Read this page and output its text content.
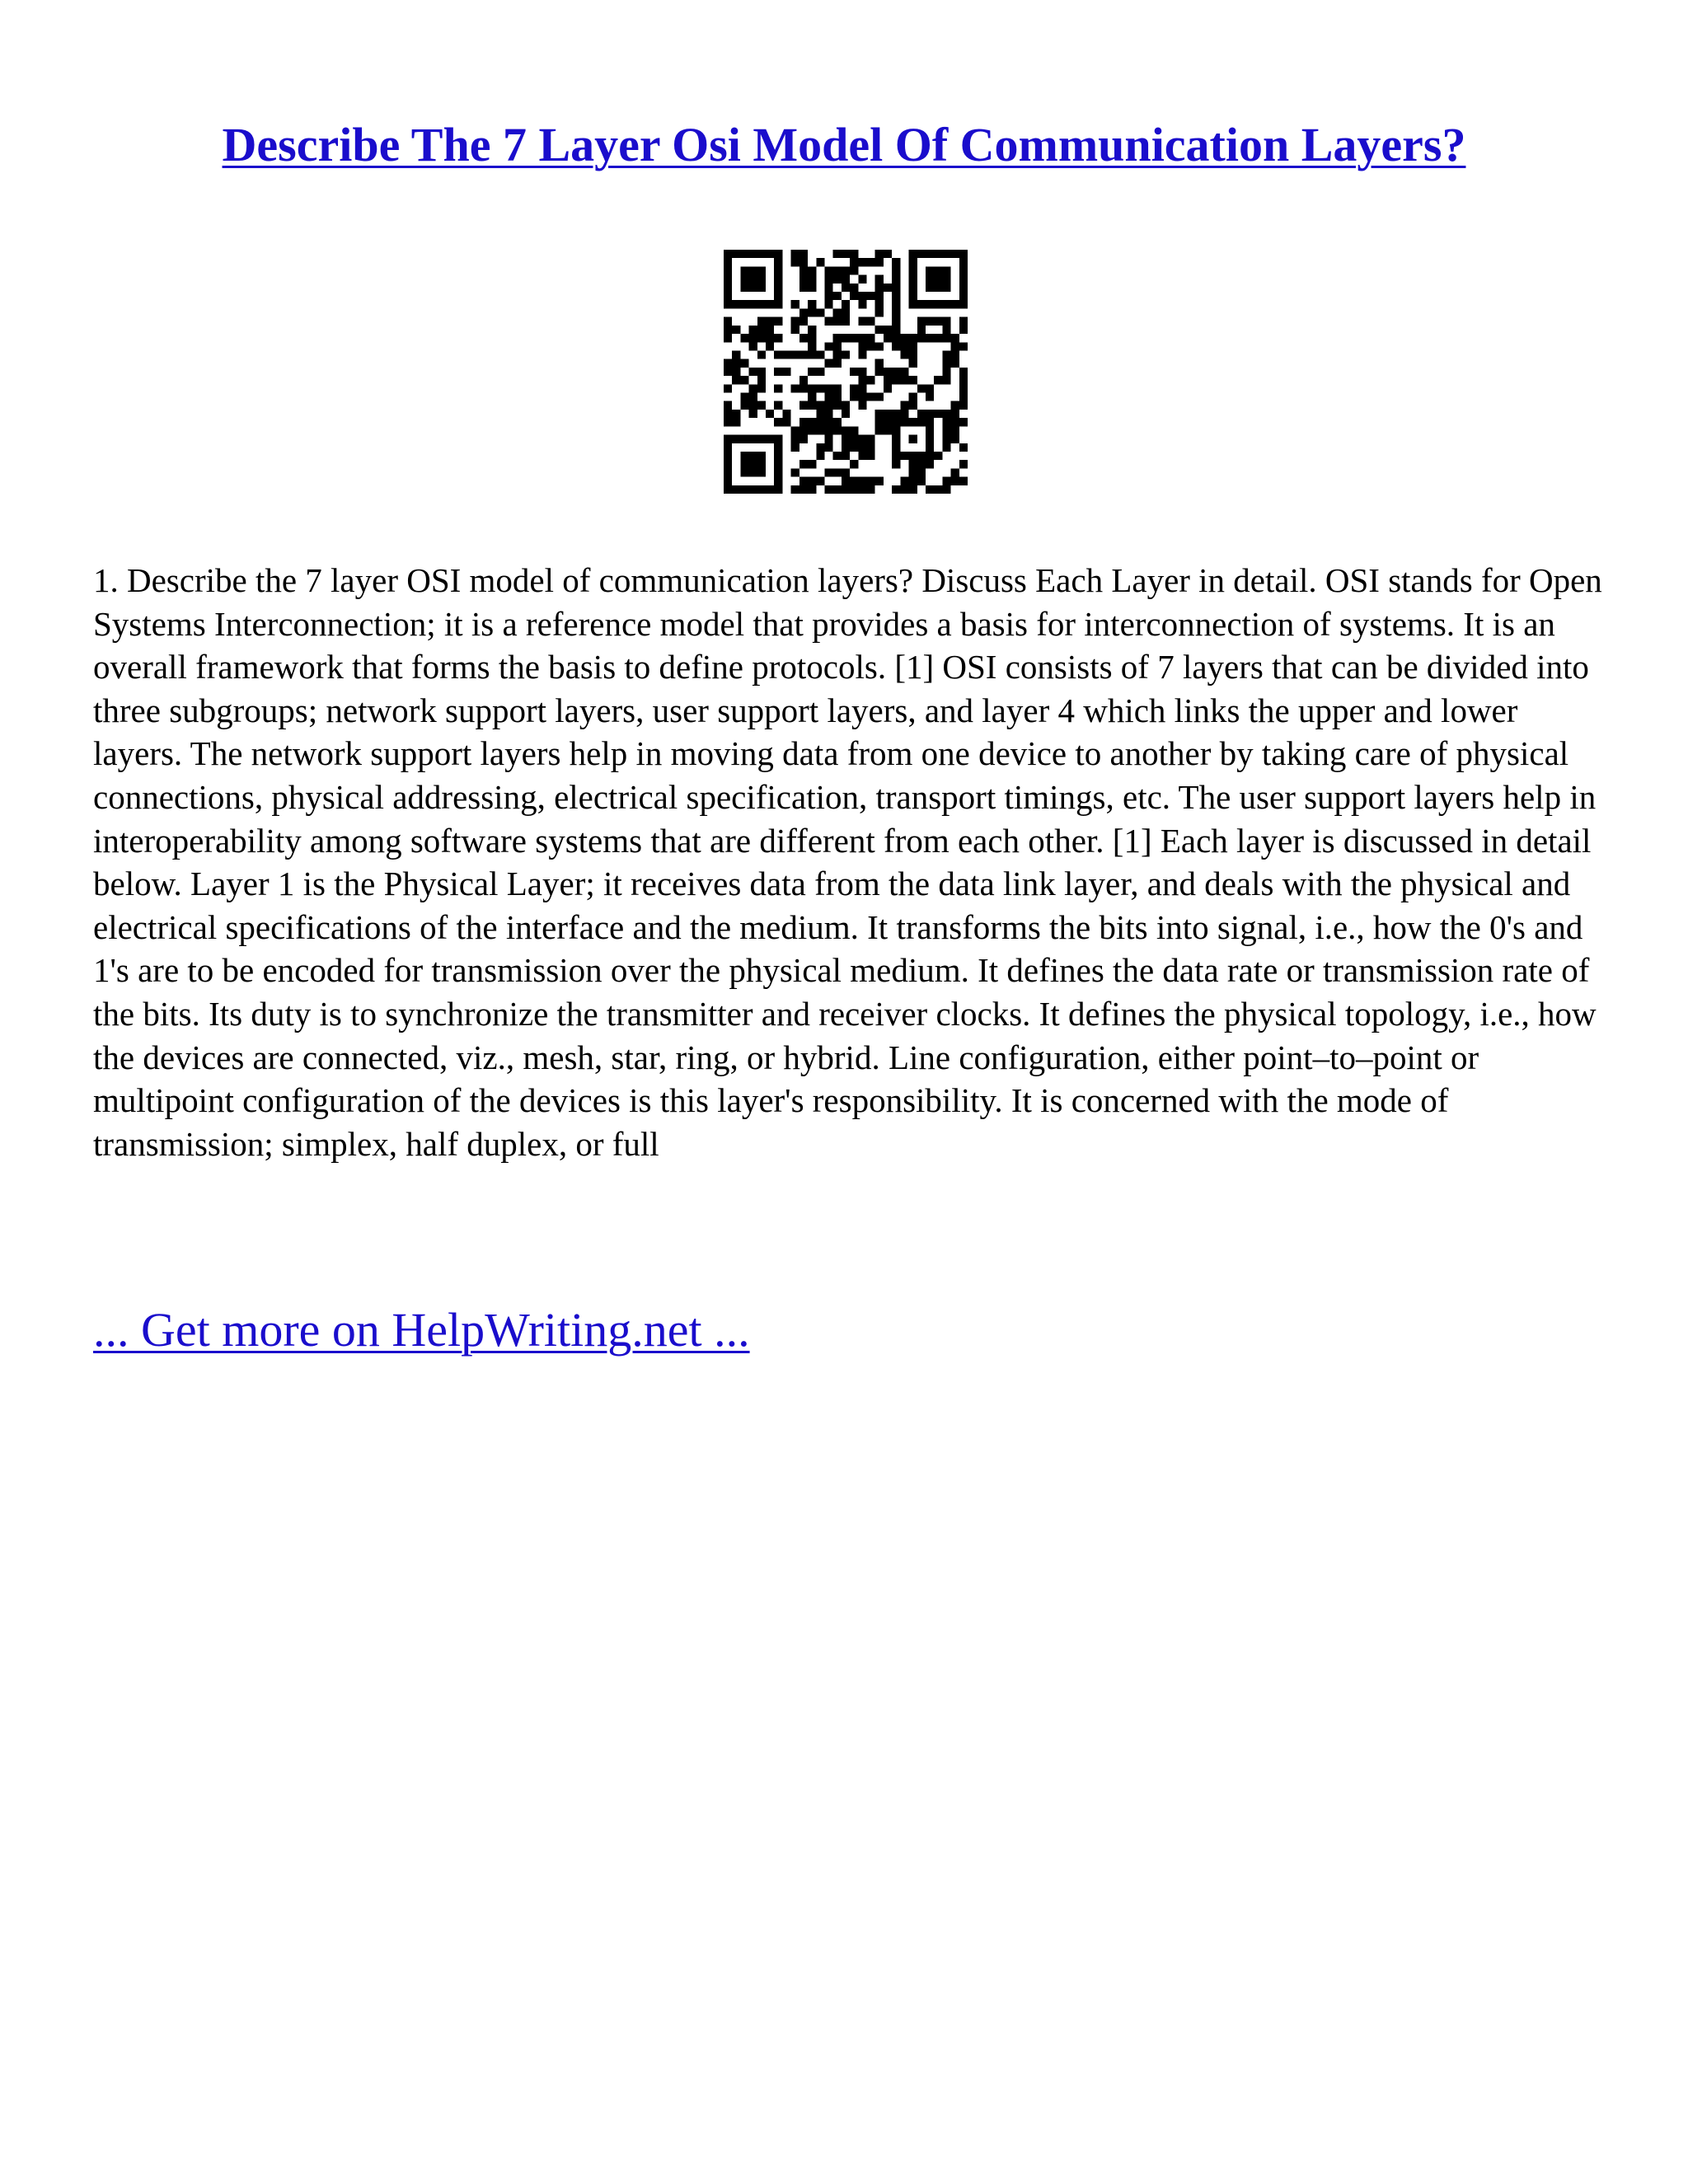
Describe The 7 Layer Osi Model Of Communication Layers?

1. Describe the 7 layer OSI model of communication layers? Discuss Each Layer in detail. OSI stands for Open Systems Interconnection; it is a reference model that provides a basis for interconnection of systems. It is an overall framework that forms the basis to define protocols. [1] OSI consists of 7 layers that can be divided into three subgroups; network support layers, user support layers, and layer 4 which links the upper and lower layers. The network support layers help in moving data from one device to another by taking care of physical connections, physical addressing, electrical specification, transport timings, etc. The user support layers help in interoperability among software systems that are different from each other. [1] Each layer is discussed in detail below. Layer 1 is the Physical Layer; it receives data from the data link layer, and deals with the physical and electrical specifications of the interface and the medium. It transforms the bits into signal, i.e., how the 0's and 1's are to be encoded for transmission over the physical medium. It defines the data rate or transmission rate of the bits. Its duty is to synchronize the transmitter and receiver clocks. It defines the physical topology, i.e., how the devices are connected, viz., mesh, star, ring, or hybrid. Line configuration, either point–to–point or multipoint configuration of the devices is this layer's responsibility. It is concerned with the mode of transmission; simplex, half duplex, or full

... Get more on HelpWriting.net ...
